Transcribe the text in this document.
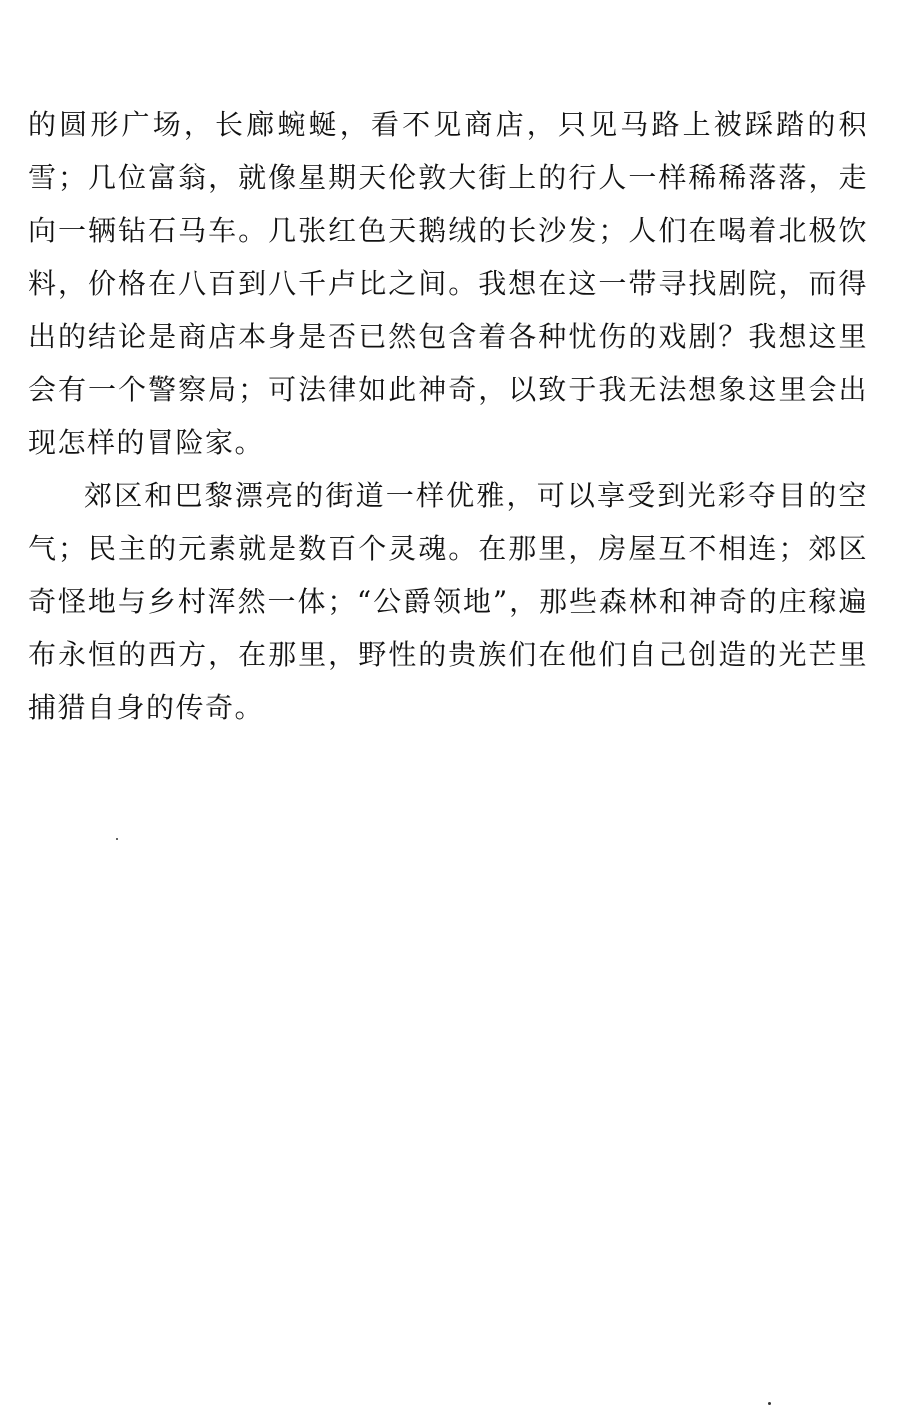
的圆形广场，长廊蜿蜒，看不见商店，只见马路上被踩踏的积雪；几位富翁，就像星期天伦敦大街上的行人一样稀稀落落，走向一辆钻石马车。几张红色天鹅绒的长沙发；人们在喝着北极饮料，价格在八百到八千卢比之间。我想在这一带寻找剧院，而得出的结论是商店本身是否已然包含着各种忧伤的戏剧？我想这里会有一个警察局；可法律如此神奇，以致于我无法想象这里会出现怎样的冒险家。

郊区和巴黎漂亮的街道一样优雅，可以享受到光彩夺目的空气；民主的元素就是数百个灵魂。在那里，房屋互不相连；郊区奇怪地与乡村浑然一体；“公爵领地”，那些森林和神奇的庄稼遍布永恒的西方，在那里，野性的贵族们在他们自己创造的光芒里捕猎自身的传奇。
